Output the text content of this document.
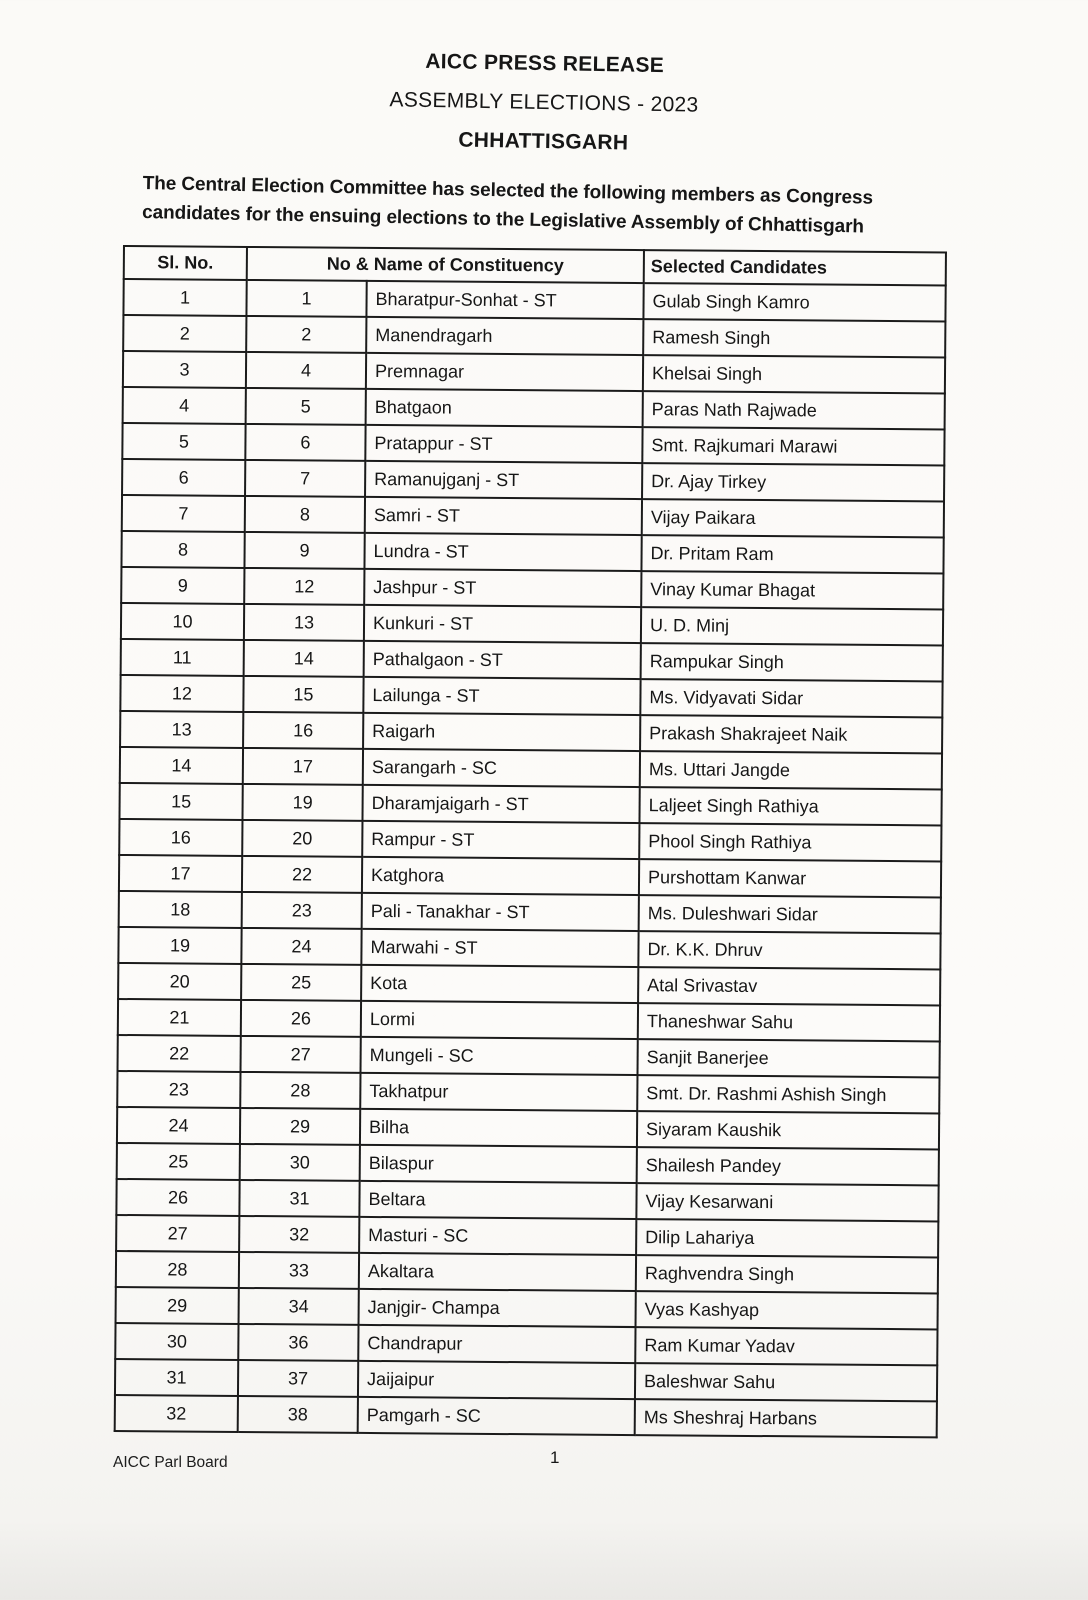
AICC PRESS RELEASE
ASSEMBLY ELECTIONS - 2023
CHHATTISGARH

The Central Election Committee has selected the following members as Congress candidates for the ensuing elections to the Legislative Assembly of Chhattisgarh

Sl. No.	No & Name of Constituency		Selected Candidates
1	1	Bharatpur-Sonhat - ST	Gulab Singh Kamro
2	2	Manendragarh	Ramesh Singh
3	4	Premnagar	Khelsai Singh
4	5	Bhatgaon	Paras Nath Rajwade
5	6	Pratappur - ST	Smt. Rajkumari Marawi
6	7	Ramanujganj - ST	Dr. Ajay Tirkey
7	8	Samri - ST	Vijay Paikara
8	9	Lundra - ST	Dr. Pritam Ram
9	12	Jashpur - ST	Vinay Kumar Bhagat
10	13	Kunkuri - ST	U. D. Minj
11	14	Pathalgaon - ST	Rampukar Singh
12	15	Lailunga - ST	Ms. Vidyavati Sidar
13	16	Raigarh	Prakash Shakrajeet Naik
14	17	Sarangarh - SC	Ms. Uttari Jangde
15	19	Dharamjaigarh - ST	Laljeet Singh Rathiya
16	20	Rampur - ST	Phool Singh Rathiya
17	22	Katghora	Purshottam Kanwar
18	23	Pali - Tanakhar - ST	Ms. Duleshwari Sidar
19	24	Marwahi - ST	Dr. K.K. Dhruv
20	25	Kota	Atal Srivastav
21	26	Lormi	Thaneshwar Sahu
22	27	Mungeli - SC	Sanjit Banerjee
23	28	Takhatpur	Smt. Dr. Rashmi Ashish Singh
24	29	Bilha	Siyaram Kaushik
25	30	Bilaspur	Shailesh Pandey
26	31	Beltara	Vijay Kesarwani
27	32	Masturi - SC	Dilip Lahariya
28	33	Akaltara	Raghvendra Singh
29	34	Janjgir- Champa	Vyas Kashyap
30	36	Chandrapur	Ram Kumar Yadav
31	37	Jaijaipur	Baleshwar Sahu
32	38	Pamgarh - SC	Ms Sheshraj Harbans
AICC Parl Board	1
